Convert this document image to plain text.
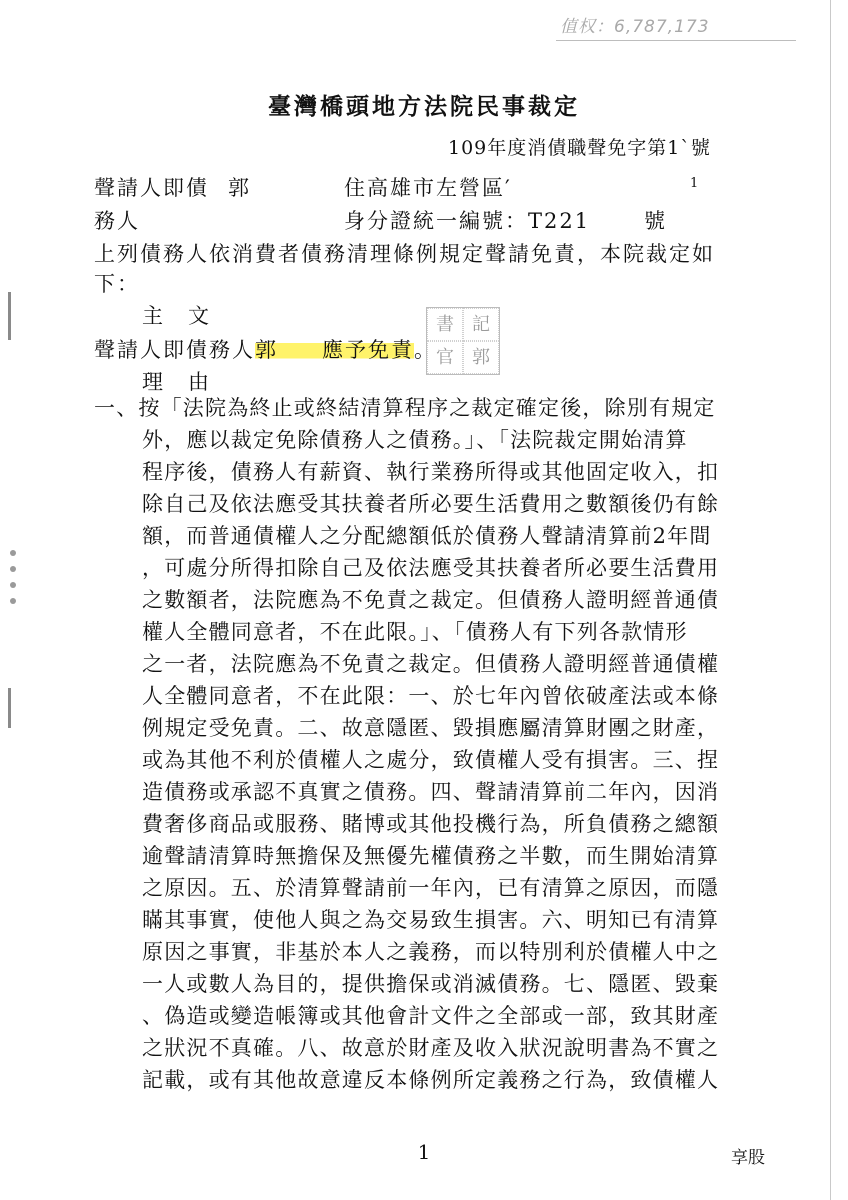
值权：6,787,173
臺灣橋頭地方法院民事裁定
109年度消債職聲免字第1`號
聲請人即債 郭	住高雄市左營區′	1
務人	身分證統一編號：T221	號
上列債務人依消費者債務清理條例規定聲請免責，本院裁定如
下：
主　文
聲請人即債務人郭 應予免責。
書	記
官	郭
理　由
一、按「法院為終止或終結清算程序之裁定確定後，除別有規定
外，應以裁定免除債務人之債務。」、「法院裁定開始清算
程序後，債務人有薪資、執行業務所得或其他固定收入，扣
除自己及依法應受其扶養者所必要生活費用之數額後仍有餘
額，而普通債權人之分配總額低於債務人聲請清算前2年間
，可處分所得扣除自己及依法應受其扶養者所必要生活費用
之數額者，法院應為不免責之裁定。但債務人證明經普通債
權人全體同意者，不在此限。」、「債務人有下列各款情形
之一者，法院應為不免責之裁定。但債務人證明經普通債權
人全體同意者，不在此限：一、於七年內曾依破產法或本條
例規定受免責。二、故意隱匿、毀損應屬清算財團之財產，
或為其他不利於債權人之處分，致債權人受有損害。三、捏
造債務或承認不真實之債務。四、聲請清算前二年內，因消
費奢侈商品或服務、賭博或其他投機行為，所負債務之總額
逾聲請清算時無擔保及無優先權債務之半數，而生開始清算
之原因。五、於清算聲請前一年內，已有清算之原因，而隱
瞞其事實，使他人與之為交易致生損害。六、明知已有清算
原因之事實，非基於本人之義務，而以特別利於債權人中之
一人或數人為目的，提供擔保或消滅債務。七、隱匿、毀棄
、偽造或變造帳簿或其他會計文件之全部或一部，致其財產
之狀況不真確。八、故意於財產及收入狀況說明書為不實之
記載，或有其他故意違反本條例所定義務之行為，致債權人
1	享股
